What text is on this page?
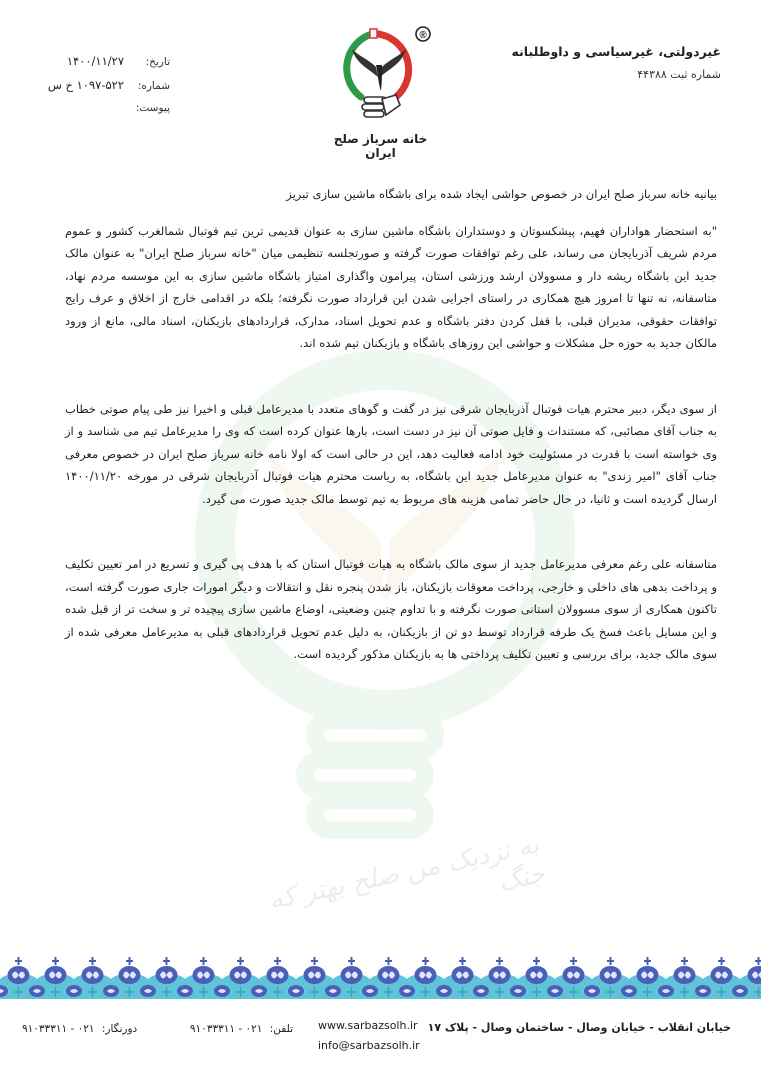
غیردولتی، غیرسیاسی و داوطلبانه
شماره ثبت ۴۴۳۸۸
®
خانه سرباز صلح ایران
تاریخ:
۱۴۰۰/۱۱/۲۷
شماره:
۱۰۹۷-۵۲۲ خ س
پیوست:
به نزدیک من صلح بهتر که جنگ

بیانیه خانه سرباز صلح ایران در خصوص حواشی ایجاد شده برای باشگاه ماشین سازی تبریز

"به استحضار هواداران فهیم، پیشکسوتان و دوستداران باشگاه ماشین سازی به عنوان قدیمی ترین تیم فوتبال شمالغرب کشور و عموم مردم شریف آذربایجان می رساند، علی رغم توافقات صورت گرفته و صورتجلسه تنظیمی میان "خانه سرباز صلح ایران" به عنوان مالک جدید این باشگاه ریشه دار و مسوولان ارشد ورزشی استان، پیرامون واگذاری امتیاز باشگاه ماشین سازی به این موسسه مردم نهاد، متاسفانه، نه تنها تا امروز هیچ همکاری در راستای اجرایی شدن این قرارداد صورت نگرفته؛ بلکه در اقدامی خارج از اخلاق و عرف رایج توافقات حقوقی، مدیران قبلی، با قفل کردن دفتر باشگاه و عدم تحویل اسناد، مدارک، قراردادهای بازیکنان، اسناد مالی، مانع از ورود مالکان جدید به حوزه حل مشکلات و حواشی این روزهای باشگاه و بازیکنان تیم شده اند.

از سوی دیگر، دبیر محترم هیات فوتبال آذربایجان شرقی نیز در گفت و گوهای متعدد با مدیرعامل قبلی و اخیرا نیز طی پیام صوتی خطاب به جناب آقای مصائبی، که مستندات و فایل صوتی آن نیز در دست است، بارها عنوان کرده است که وی را مدیرعامل تیم می شناسد و از وی خواسته است با قدرت در مسئولیت خود ادامه فعالیت دهد، این در حالی است که اولا نامه خانه سرباز صلح ایران در خصوص معرفی جناب آقای "امیر زندی" به عنوان مدیرعامل جدید این باشگاه، به ریاست محترم هیات فوتبال آذربایجان شرقی در مورخه ۱۴۰۰/۱۱/۲۰ ارسال گردیده است و ثانیا، در حال حاضر تمامی هزینه های مربوط به تیم توسط مالک جدید صورت می گیرد.

متاسفانه علی رغم معرفی مدیرعامل جدید از سوی مالک باشگاه به هیات فوتبال استان که با هدف پی گیری و تسریع در امر تعیین تکلیف و پرداخت بدهی های داخلی و خارجی، پرداخت معوقات بازیکنان، باز شدن پنجره نقل و انتقالات و دیگر امورات جاری صورت گرفته است، تاکنون همکاری از سوی مسوولان استانی صورت نگرفته و با تداوم چنین وضعیتی، اوضاع ماشین سازی پیچیده تر و سخت تر از قبل شده و این مسایل باعث فسخ یک طرفه قرارداد توسط دو تن از بازیکنان، به دلیل عدم تحویل قراردادهای قبلی به مدیرعامل معرفی شده از سوی مالک جدید، برای بررسی و تعیین تکلیف پرداختی ها به بازیکنان مذکور گردیده است.

خیابان انقلاب - خیابان وصال - ساختمان وصال - پلاک ۱۷
www.sarbazsolh.ir
info@sarbazsolh.ir
تلفن: ۰۲۱ - ۹۱۰۳۳۳۱۱  دورنگار: ۰۲۱ - ۹۱۰۳۳۳۱۱
